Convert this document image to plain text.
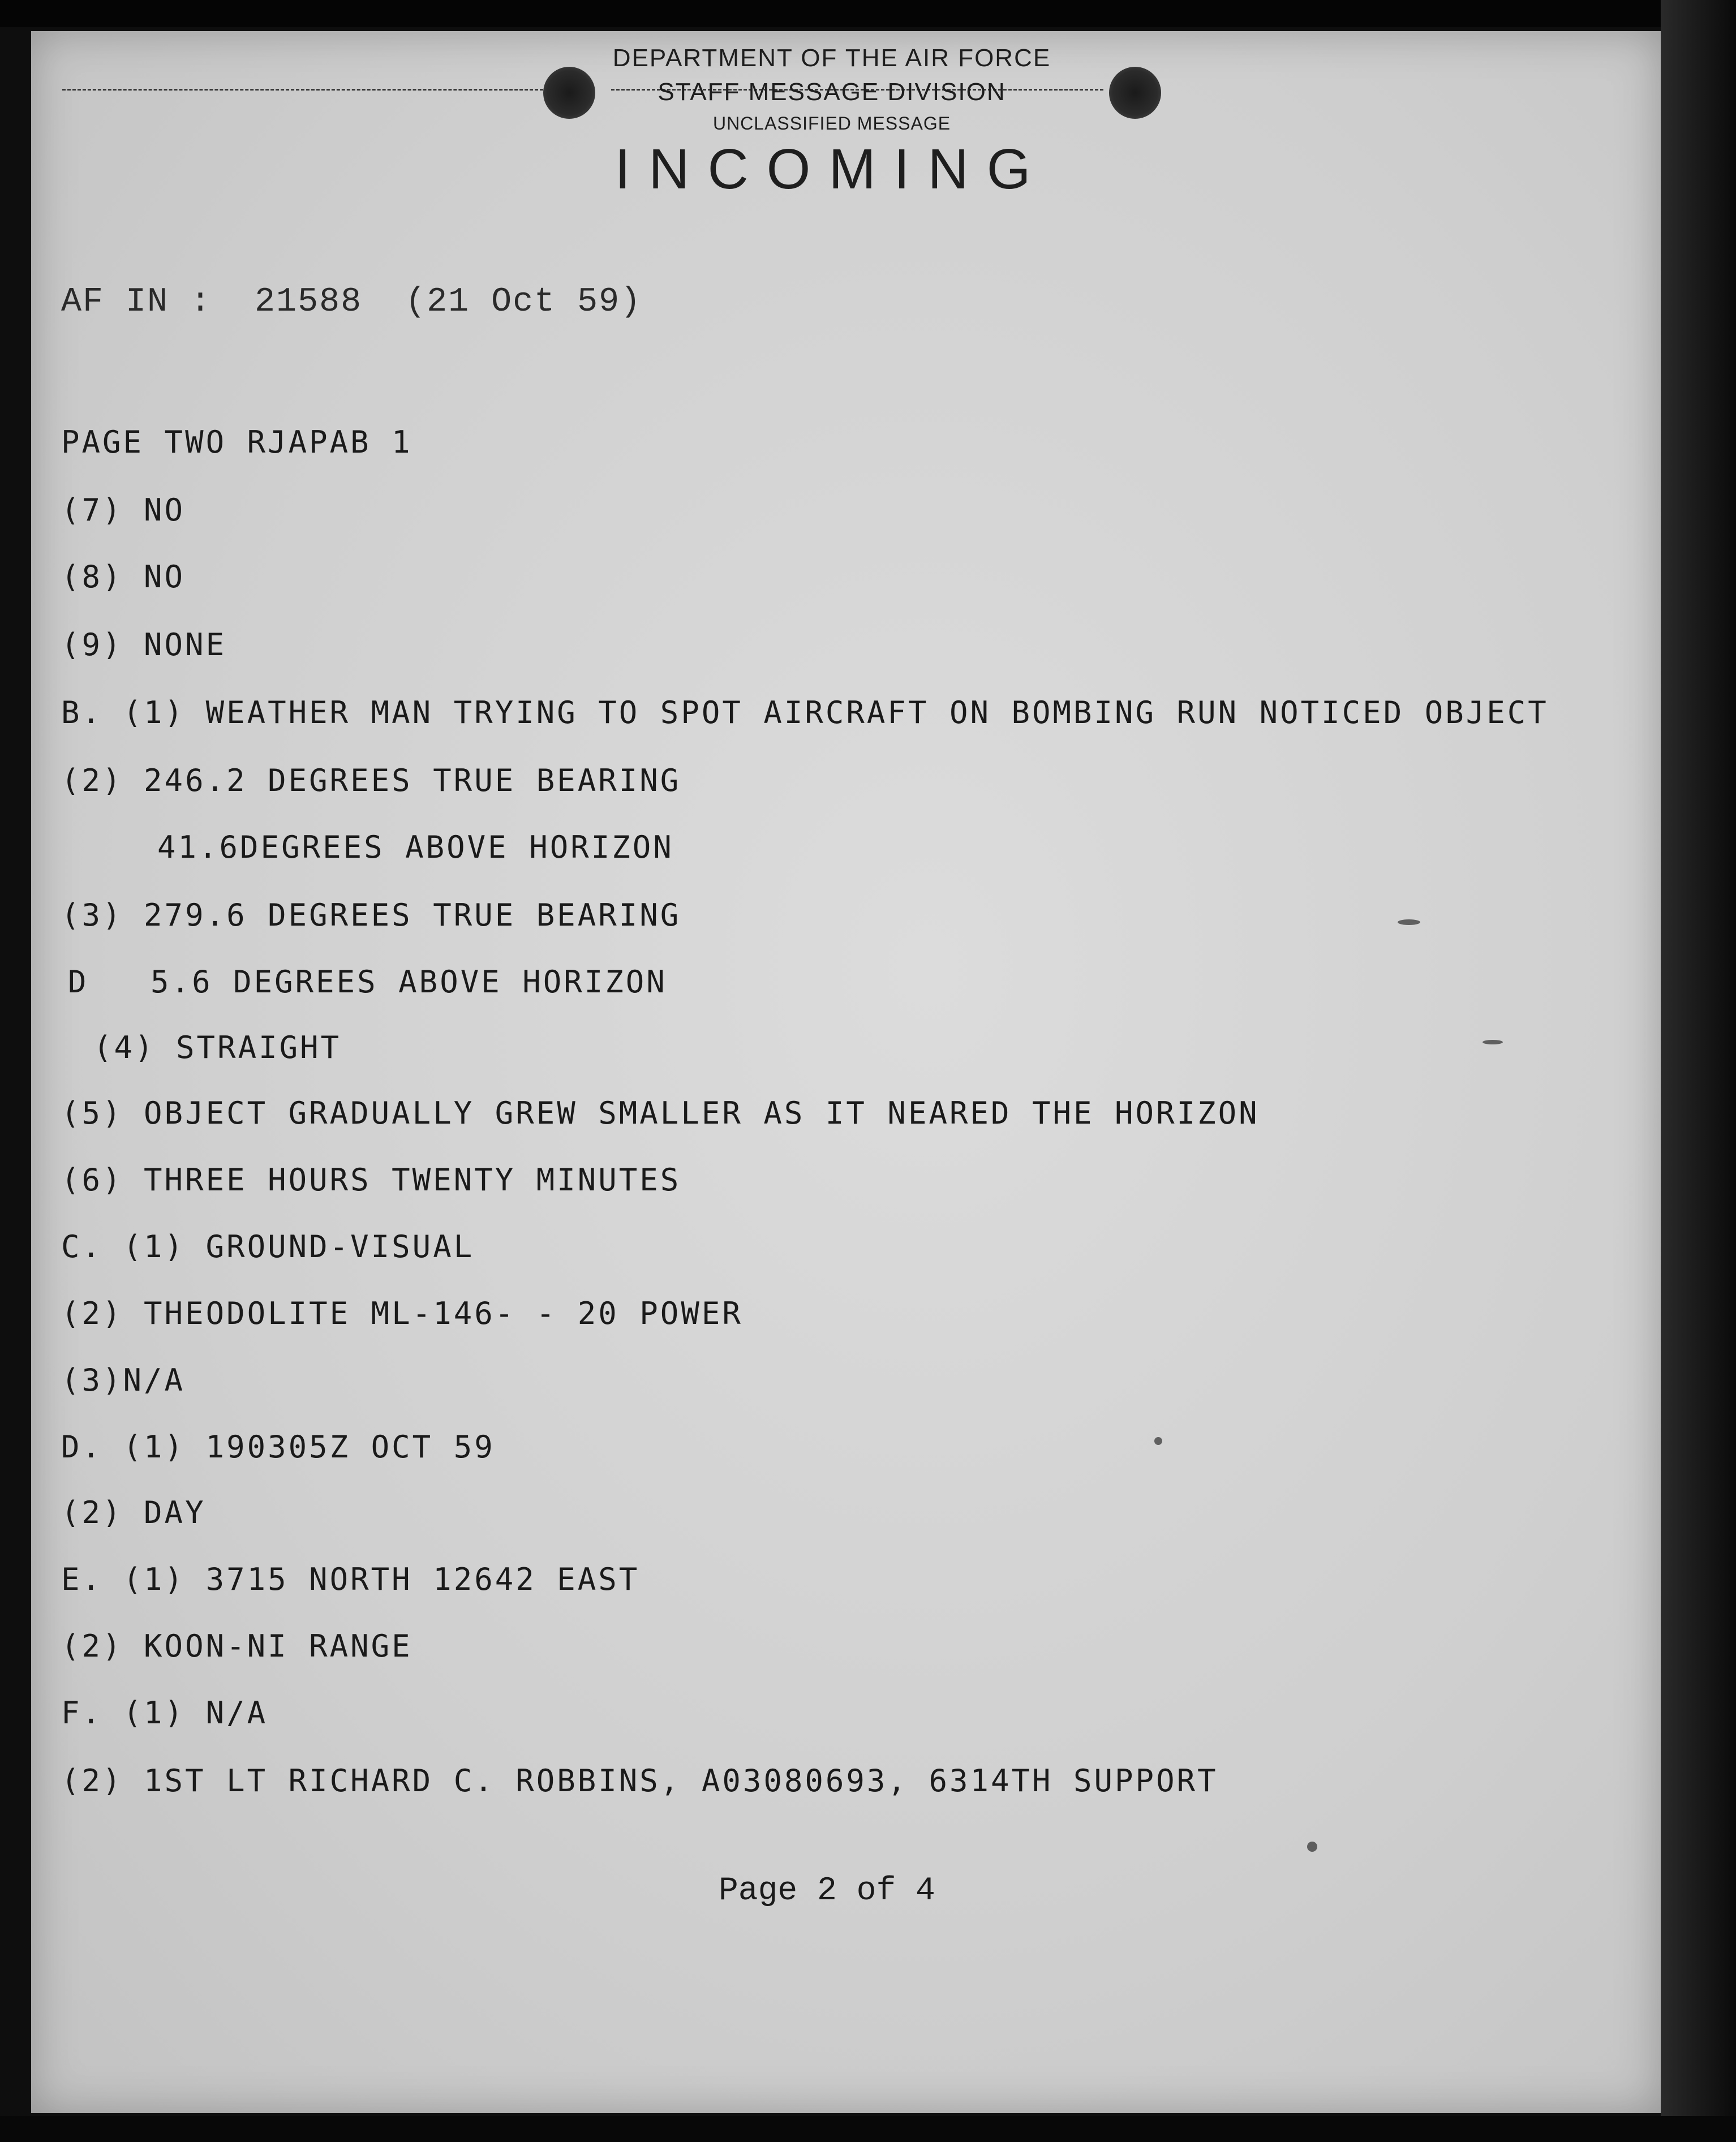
DEPARTMENT OF THE AIR FORCE
STAFF MESSAGE DIVISION
UNCLASSIFIED MESSAGE
INCOMING
AF IN :  21588  (21 Oct 59)
PAGE TWO RJAPAB 1
(7) NO
(8) NO
(9) NONE
B. (1) WEATHER MAN TRYING TO SPOT AIRCRAFT ON BOMBING RUN NOTICED OBJECT
(2) 246.2 DEGREES TRUE BEARING
41.6DEGREES ABOVE HORIZON
(3) 279.6 DEGREES TRUE BEARING
D   5.6 DEGREES ABOVE HORIZON
(4) STRAIGHT
(5) OBJECT GRADUALLY GREW SMALLER AS IT NEARED THE HORIZON
(6) THREE HOURS TWENTY MINUTES
C. (1) GROUND-VISUAL
(2) THEODOLITE ML-146- - 20 POWER
(3)N/A
D. (1) 190305Z OCT 59
(2) DAY
E. (1) 3715 NORTH 12642 EAST
(2) KOON-NI RANGE
F. (1) N/A
(2) 1ST LT RICHARD C. ROBBINS, A03080693, 6314TH SUPPORT
Page 2 of 4
